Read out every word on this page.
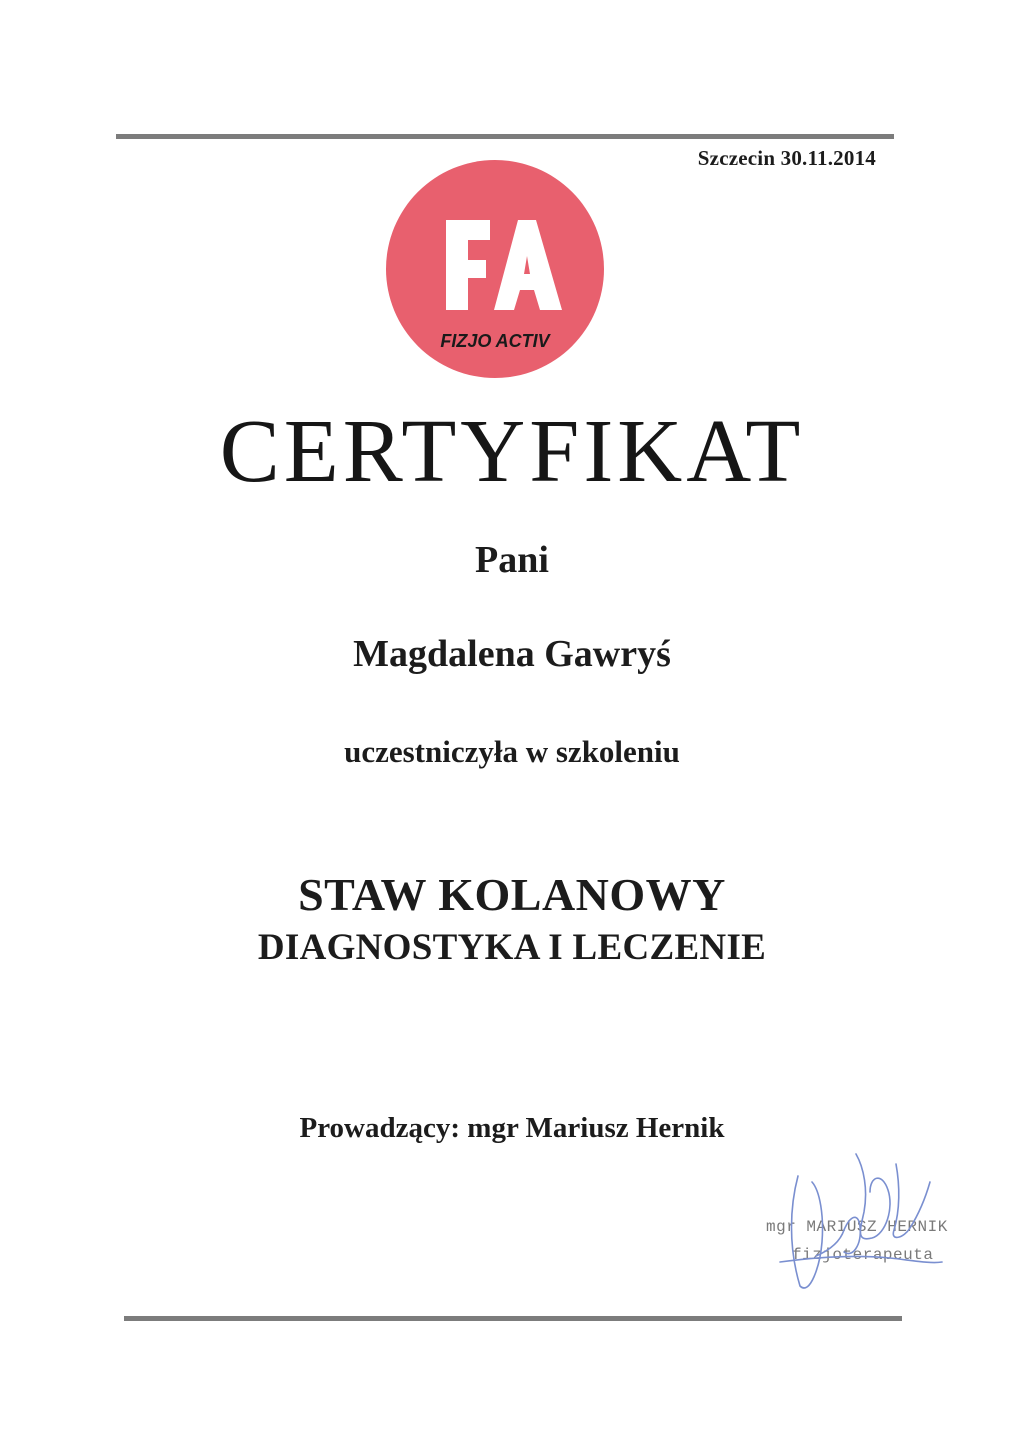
Szczecin 30.11.2014
FIZJO ACTIV
CERTYFIKAT
Pani
Magdalena Gawryś
uczestniczyła w szkoleniu
STAW KOLANOWY
DIAGNOSTYKA I LECZENIE
Prowadzący: mgr Mariusz Hernik
mgr MARIUSZ HERNIK
fizjoterapeuta
